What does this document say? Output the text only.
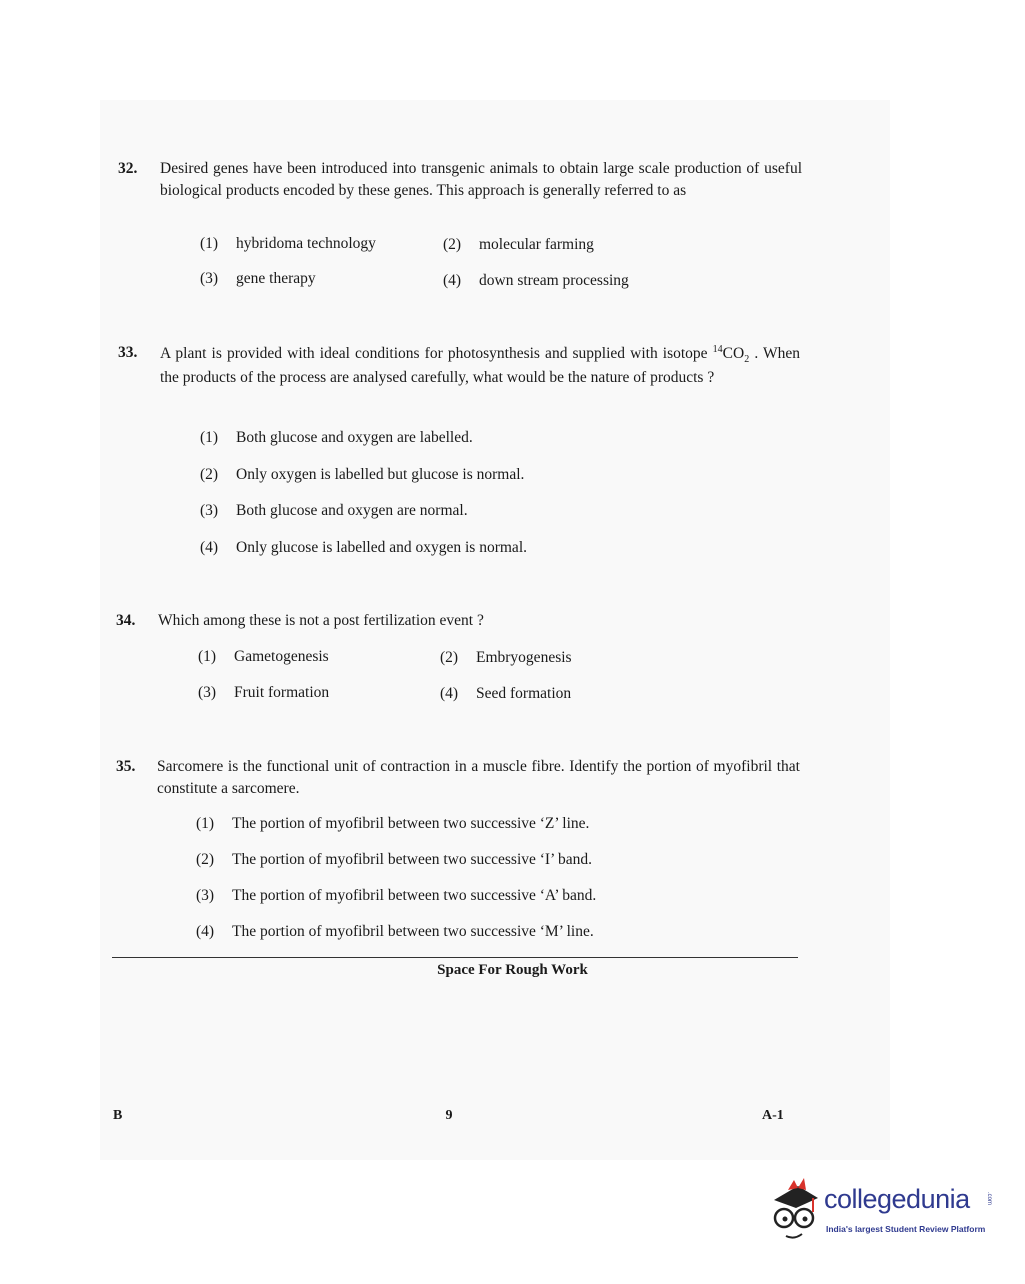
32. Desired genes have been introduced into transgenic animals to obtain large scale production of useful biological products encoded by these genes. This approach is generally referred to as
(1) hybridoma technology	(2) molecular farming
(3) gene therapy	(4) down stream processing
33. A plant is provided with ideal conditions for photosynthesis and supplied with isotope $^{14}CO_2$ . When the products of the process are analysed carefully, what would be the nature of products ?
(1) Both glucose and oxygen are labelled.
(2) Only oxygen is labelled but glucose is normal.
(3) Both glucose and oxygen are normal.
(4) Only glucose is labelled and oxygen is normal.
34. Which among these is not a post fertilization event ?
(1) Gametogenesis	(2) Embryogenesis
(3) Fruit formation	(4) Seed formation
35. Sarcomere is the functional unit of contraction in a muscle fibre. Identify the portion of myofibril that constitute a sarcomere.
(1) The portion of myofibril between two successive ‘Z’ line.
(2) The portion of myofibril between two successive ‘I’ band.
(3) The portion of myofibril between two successive ‘A’ band.
(4) The portion of myofibril between two successive ‘M’ line.
Space For Rough Work
B	9	A-1
collegedunia	.com
India's largest Student Review Platform
